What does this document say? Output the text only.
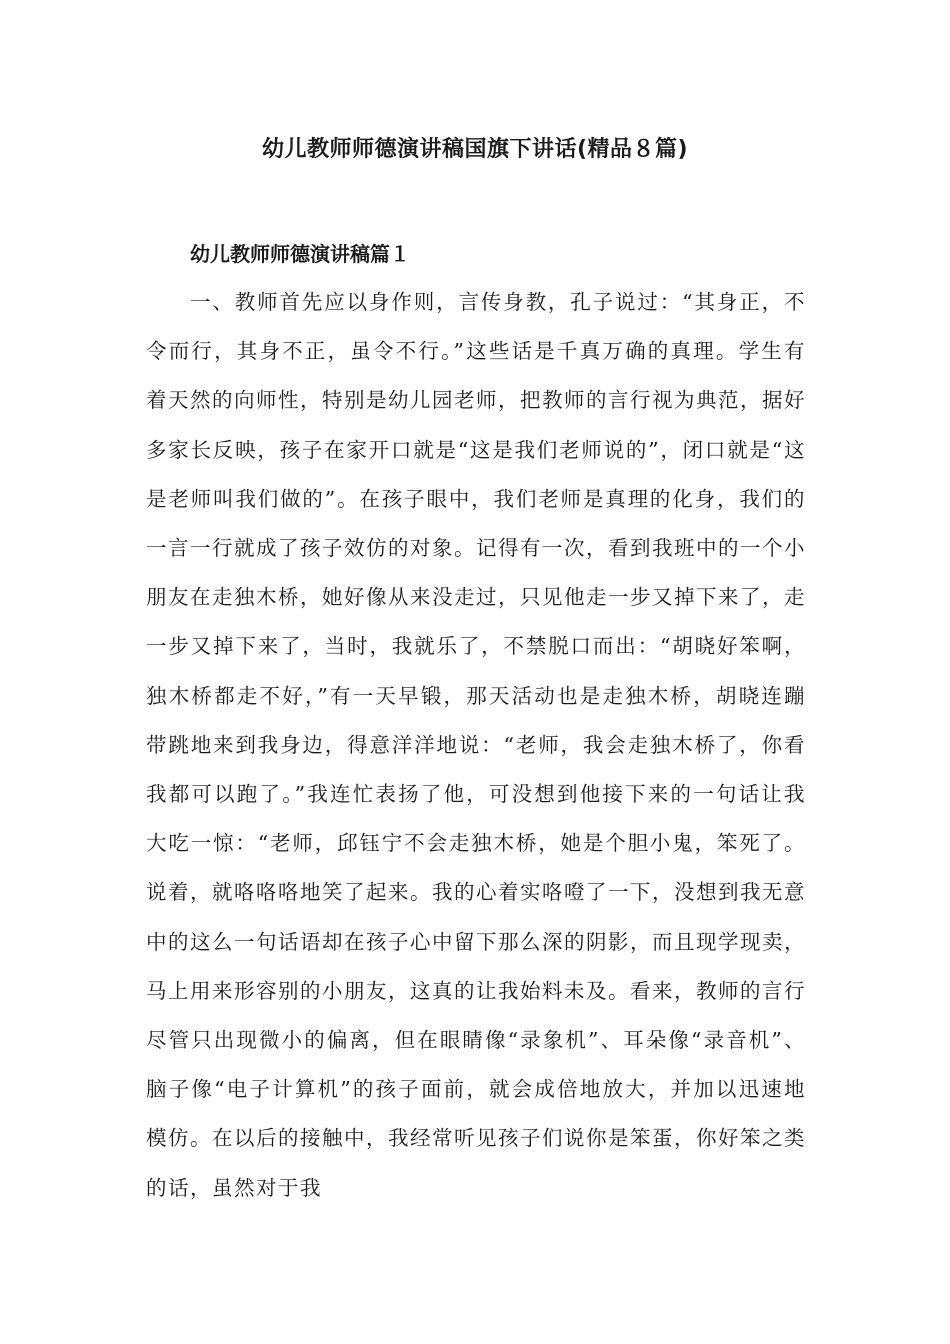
幼儿教师师德演讲稿国旗下讲话(精品８篇)
幼儿教师师德演讲稿篇１

一、教师首先应以身作则，言传身教，孔子说过：“其身正，不令而行，其身不正，虽令不行。”这些话是千真万确的真理。学生有着天然的向师性，特别是幼儿园老师，把教师的言行视为典范，据好多家长反映，孩子在家开口就是“这是我们老师说的”，闭口就是“这是老师叫我们做的”。在孩子眼中，我们老师是真理的化身，我们的一言一行就成了孩子效仿的对象。记得有一次，看到我班中的一个小朋友在走独木桥，她好像从来没走过，只见他走一步又掉下来了，走一步又掉下来了，当时，我就乐了，不禁脱口而出：“胡晓好笨啊，独木桥都走不好，”有一天早锻，那天活动也是走独木桥，胡晓连蹦带跳地来到我身边，得意洋洋地说：“老师，我会走独木桥了，你看我都可以跑了。”我连忙表扬了他，可没想到他接下来的一句话让我大吃一惊：“老师，邱钰宁不会走独木桥，她是个胆小鬼，笨死了。说着，就咯咯咯地笑了起来。我的心着实咯噔了一下，没想到我无意中的这么一句话语却在孩子心中留下那么深的阴影，而且现学现卖，马上用来形容别的小朋友，这真的让我始料未及。看来，教师的言行尽管只出现微小的偏离，但在眼睛像“录象机”、耳朵像“录音机”、脑子像“电子计算机”的孩子面前，就会成倍地放大，并加以迅速地模仿。在以后的接触中，我经常听见孩子们说你是笨蛋，你好笨之类的话，虽然对于我
